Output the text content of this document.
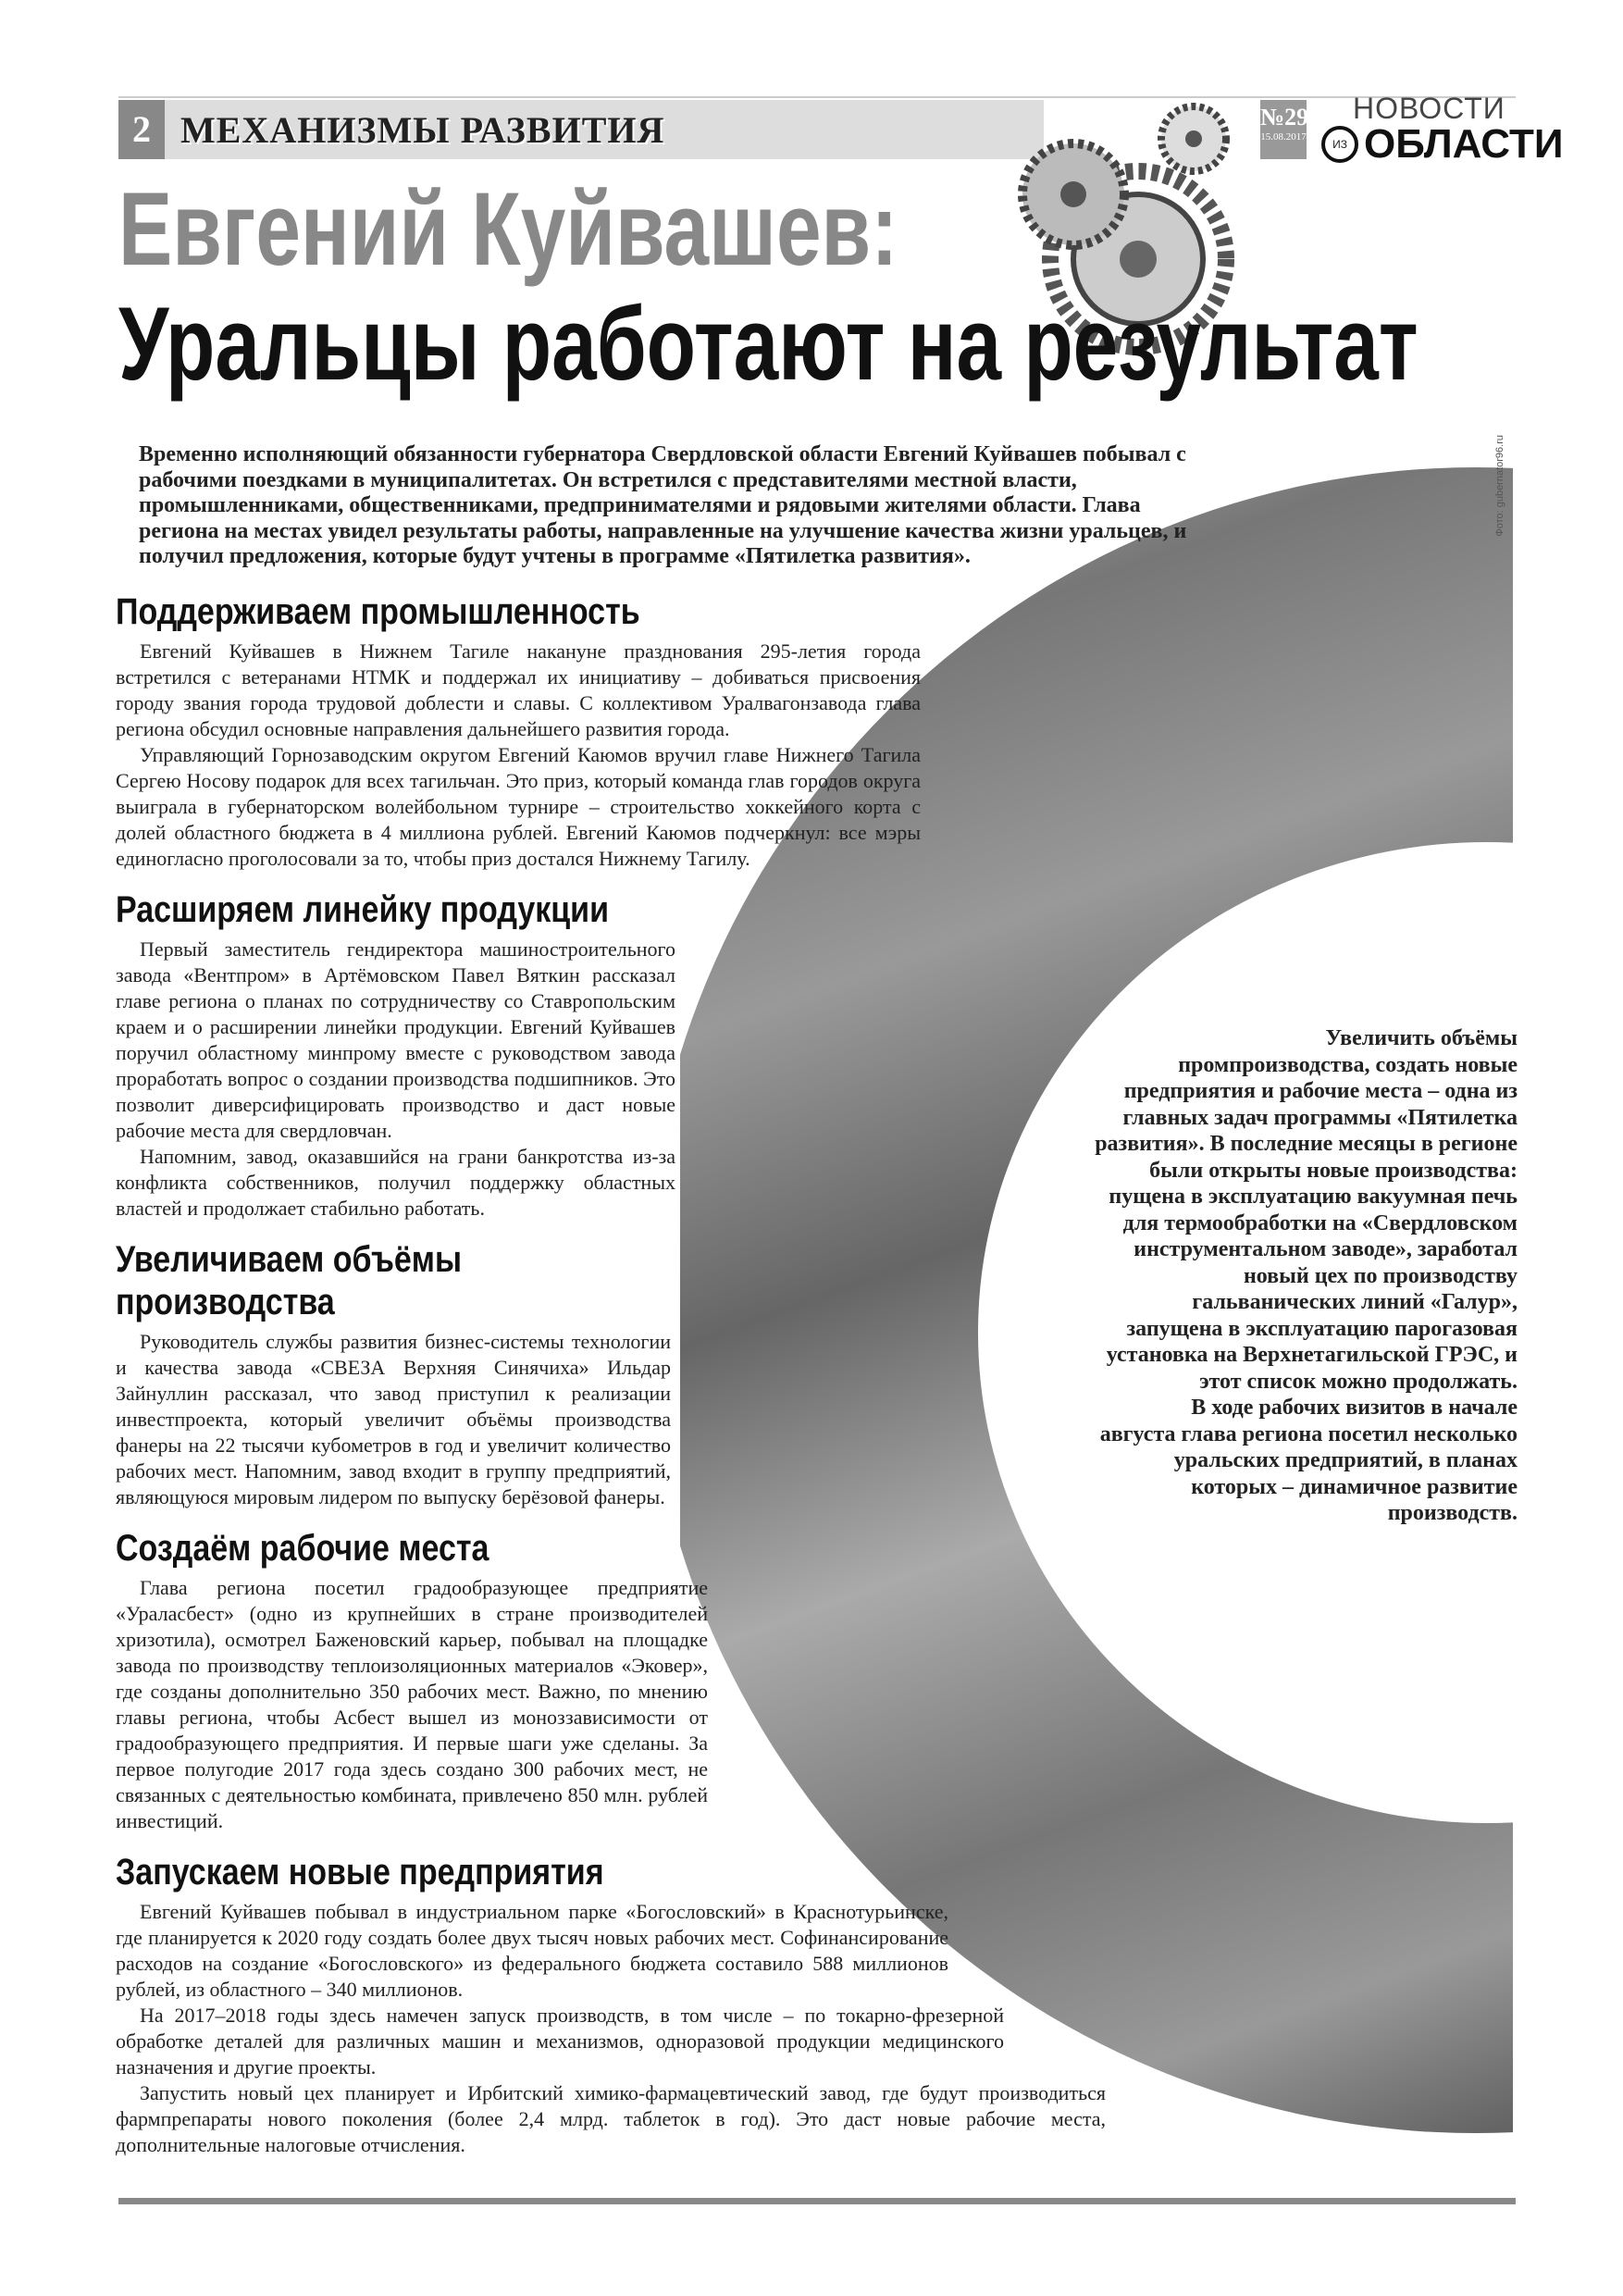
2 МЕХАНИЗМЫ РАЗВИТИЯ	№29
15.08.2017
НОВОСТИ
ИЗ ОБЛАСТИ
Евгений Куйвашев:
Уральцы работают на результат
Фото: gubernator96.ru
Временно исполняющий обязанности губернатора Свердловской области Евгений Куйвашев побывал с рабочими поездками в муниципалитетах. Он встретился с представителями местной власти, промышленниками, общественниками, предпринимателями и рядовыми жителями области. Глава региона на местах увидел результаты работы, направленные на улучшение качества жизни уральцев, и получил предложения, которые будут учтены в программе «Пятилетка развития».
Поддерживаем промышленность

Евгений Куйвашев в Нижнем Тагиле накануне празднования 295-летия города встретился с ветеранами НТМК и поддержал их инициативу – добиваться присвоения городу звания города трудовой доблести и славы. С коллективом Уралвагонзавода глава региона обсудил основные направления дальнейшего развития города.

Управляющий Горнозаводским округом Евгений Каюмов вручил главе Нижнего Тагила Сергею Носову подарок для всех тагильчан. Это приз, который команда глав городов округа выиграла в губернаторском волейбольном турнире – строительство хоккейного корта с долей областного бюджета в 4 миллиона рублей. Евгений Каюмов подчеркнул: все мэры единогласно проголосовали за то, чтобы приз достался Нижнему Тагилу.

Расширяем линейку продукции

Первый заместитель гендиректора машиностроительного завода «Вентпром» в Артёмовском Павел Вяткин рассказал главе региона о планах по сотрудничеству со Ставропольским краем и о расширении линейки продукции. Евгений Куйвашев поручил областному минпрому вместе с руководством завода проработать вопрос о создании производства подшипников. Это позволит диверсифицировать производство и даст новые рабочие места для свердловчан.

Напомним, завод, оказавшийся на грани банкротства из-за конфликта собственников, получил поддержку областных властей и продолжает стабильно работать.

Увеличиваем объёмы производства

Руководитель службы развития бизнес-системы технологии и качества завода «СВЕЗА Верхняя Синячиха» Ильдар Зайнуллин рассказал, что завод приступил к реализации инвестпроекта, который увеличит объёмы производства фанеры на 22 тысячи кубометров в год и увеличит количество рабочих мест. Напомним, завод входит в группу предприятий, являющуюся мировым лидером по выпуску берёзовой фанеры.

Создаём рабочие места

Глава региона посетил градообразующее предприятие «Ураласбест» (одно из крупнейших в стране производителей хризотила), осмотрел Баженовский карьер, побывал на площадке завода по производству теплоизоляционных материалов «Эковер», где созданы дополнительно 350 рабочих мест. Важно, по мнению главы региона, чтобы Асбест вышел из моноззависимости от градообразующего предприятия. И первые шаги уже сделаны. За первое полугодие 2017 года здесь создано 300 рабочих мест, не связанных с деятельностью комбината, привлечено 850 млн. рублей инвестиций.

Запускаем новые предприятия

Евгений Куйвашев побывал в индустриальном парке «Богословский» в Краснотурьинске, где планируется к 2020 году создать более двух тысяч новых рабочих мест. Софинансирование расходов на создание «Богословского» из федерального бюджета составило 588 миллионов рублей, из областного – 340 миллионов.

На 2017–2018 годы здесь намечен запуск производств, в том числе – по токарно-фрезерной обработке деталей для различных машин и механизмов, одноразовой продукции медицинского назначения и другие проекты.

Запустить новый цех планирует и Ирбитский химико-фармацевтический завод, где будут производиться фармпрепараты нового поколения (более 2,4 млрд. таблеток в год). Это даст новые рабочие места, дополнительные налоговые отчисления.

Увеличить объёмы промпроизводства, создать новые предприятия и рабочие места – одна из главных задач программы «Пятилетка развития». В последние месяцы в регионе были открыты новые производства: пущена в эксплуатацию вакуумная печь для термообработки на «Свердловском инструментальном заводе», заработал новый цех по производству гальванических линий «Галур», запущена в эксплуатацию парогазовая установка на Верхнетагильской ГРЭС, и этот список можно продолжать.

В ходе рабочих визитов в начале августа глава региона посетил несколько уральских предприятий, в планах которых – динамичное развитие производств.
